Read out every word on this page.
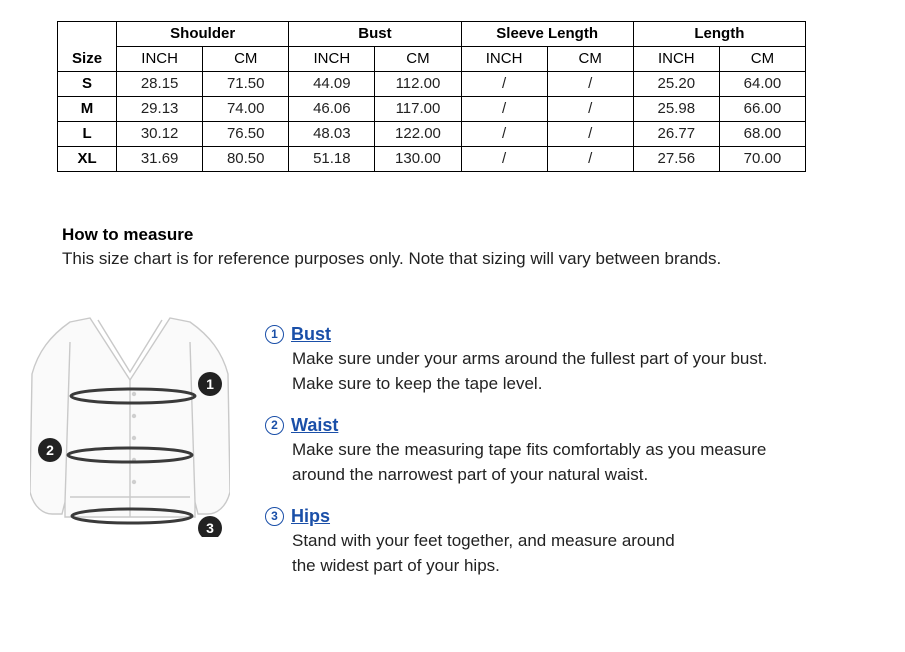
	Shoulder		Bust		Sleeve Length		Length	
Size	INCH	CM	INCH	CM	INCH	CM	INCH	CM
S	28.15	71.50	44.09	112.00	/	/	25.20	64.00
M	29.13	74.00	46.06	117.00	/	/	25.98	66.00
L	30.12	76.50	48.03	122.00	/	/	26.77	68.00
XL	31.69	80.50	51.18	130.00	/	/	27.56	70.00
How to measure

This size chart is for reference purposes only. Note that sizing will vary between brands.

1
2
3
1 Bust
Make sure under your arms around the fullest part of your bust.
Make sure to keep the tape level.
2 Waist
Make sure the measuring tape fits comfortably as you measure
around the narrowest part of your natural waist.
3 Hips
Stand with your feet together, and measure around
the widest part of your hips.
